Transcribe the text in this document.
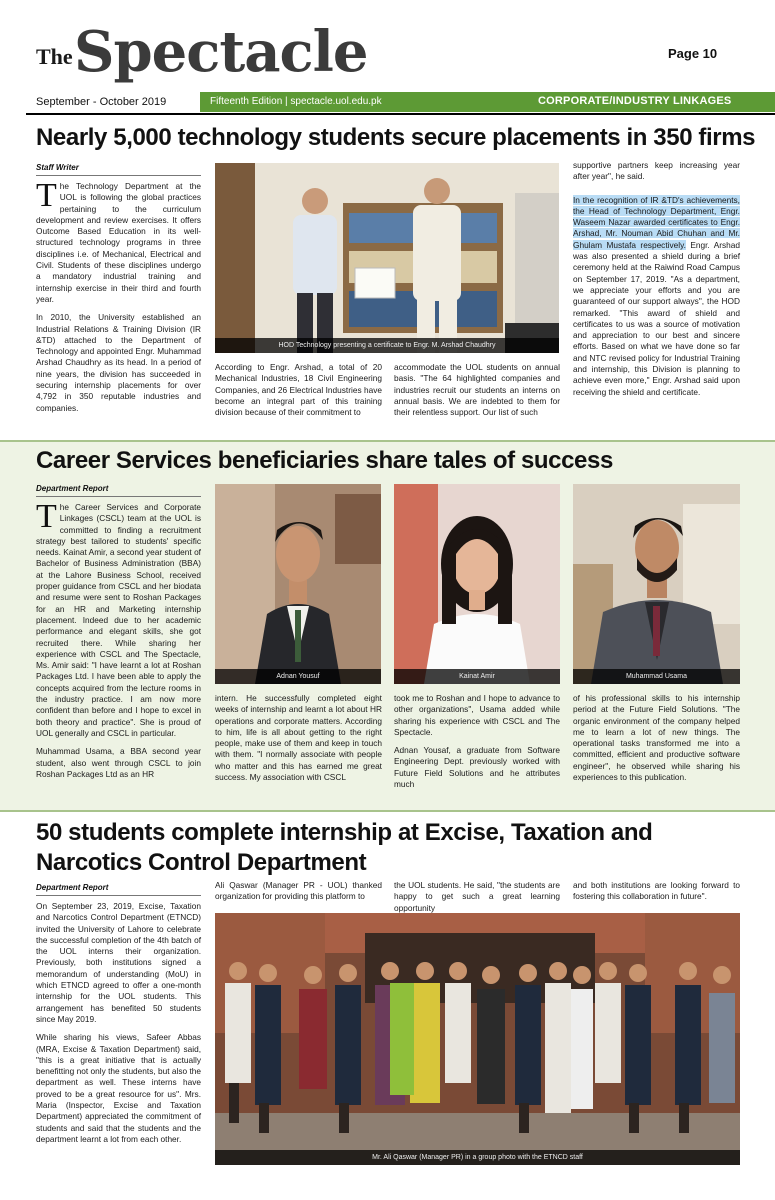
The Spectacle	Page 10
September - October 2019	Fifteenth Edition | spectacle.uol.edu.pk	CORPORATE/INDUSTRY LINKAGES
Nearly 5,000 technology students secure placements in 350 firms
Staff Writer

The Technology Department at the UOL is following the global practices pertaining to the curriculum development and review exercises. It offers Outcome Based Education in its well-structured technology programs in three disciplines i.e. of Mechanical, Electrical and Civil. Students of these disciplines undergo a mandatory industrial training and internship exercise in their third and fourth year.

In 2010, the University established an Industrial Relations & Training Division (IR &TD) attached to the Department of Technology and appointed Engr. Muhammad Arshad Chaudhry as its head. In a period of nine years, the division has succeeded in securing internship placements for over 4,792 in 350 reputable industries and companies.

HOD Technology presenting a certificate to Engr. M. Arshad Chaudhry

According to Engr. Arshad, a total of 20 Mechanical Industries, 18 Civil Engineering Companies, and 26 Electrical Industries have become an integral part of this training division because of their commitment to

accommodate the UOL students on annual basis. "The 64 highlighted companies and industries recruit our students an interns on annual basis. We are indebted to them for their relentless support. Our list of such

supportive partners keep increasing year after year", he said.

In the recognition of IR &TD's achievements, the Head of Technology Department, Engr. Waseem Nazar awarded certificates to Engr. Arshad, Mr. Nouman Abid Chuhan and Mr. Ghulam Mustafa respectively. Engr. Arshad was also presented a shield during a brief ceremony held at the Raiwind Road Campus on September 17, 2019. "As a department, we appreciate your efforts and you are guaranteed of our support always", the HOD remarked. "This award of shield and certificates to us was a source of motivation and appreciation to our best and sincere efforts. Based on what we have done so far and NTC revised policy for Industrial Training and internship, this Division is planning to achieve even more," Engr. Arshad said upon receiving the shield and certificate.

Career Services beneficiaries share tales of success
Department Report

The Career Services and Corporate Linkages (CSCL) team at the UOL is committed to finding a recruitment strategy best tailored to students' specific needs. Kainat Amir, a second year student of Bachelor of Business Administration (BBA) at the Lahore Business School, received proper guidance from CSCL and her biodata and resume were sent to Roshan Packages for an HR and Marketing internship placement. Indeed due to her academic performance and elegant skills, she got recruited there. While sharing her experience with CSCL and The Spectacle, Ms. Amir said: "I have learnt a lot at Roshan Packages Ltd. I have been able to apply the concepts acquired from the lecture rooms in the industry practice. I am now more confident than before and I hope to excel in both theory and practice". She is proud of UOL generally and CSCL in particular.

Muhammad Usama, a BBA second year student, also went through CSCL to join Roshan Packages Ltd as an HR

Adnan Yousuf	Kainat Amir	Muhammad Usama

intern. He successfully completed eight weeks of internship and learnt a lot about HR operations and corporate matters. According to him, life is all about getting to the right people, make use of them and keep in touch with them. "I normally associate with people who matter and this has earned me great success. My association with CSCL

took me to Roshan and I hope to advance to other organizations", Usama added while sharing his experience with CSCL and The Spectacle.

Adnan Yousaf, a graduate from Software Engineering Dept. previously worked with Future Field Solutions and he attributes much

of his professional skills to his internship period at the Future Field Solutions. "The organic environment of the company helped me to learn a lot of new things. The operational tasks transformed me into a committed, efficient and productive software engineer", he observed while sharing his experiences to this publication.

50 students complete internship at Excise, Taxation and
Narcotics Control Department
Department Report

On September 23, 2019, Excise, Taxation and Narcotics Control Department (ETNCD) invited the University of Lahore to celebrate the successful completion of the 4th batch of the UOL interns their organization. Previously, both institutions signed a memorandum of understanding (MoU) in which ETNCD agreed to offer a one-month internship for the UOL students. This arrangement has benefited 50 students since May 2019.

While sharing his views, Safeer Abbas (MRA, Excise & Taxation Department) said, "this is a great initiative that is actually benefitting not only the students, but also the department as well. These interns have proved to be a great resource for us". Mrs. Maria (Inspector, Excise and Taxation Department) appreciated the commitment of students and said that the students and the department learnt a lot from each other.

Ali Qaswar (Manager PR - UOL) thanked organization for providing this platform to

the UOL students. He said, "the students are happy to get such a great learning opportunity

and both institutions are looking forward to fostering this collaboration in future".

Mr. Ali Qaswar (Manager PR) in a group photo with the ETNCD staff
